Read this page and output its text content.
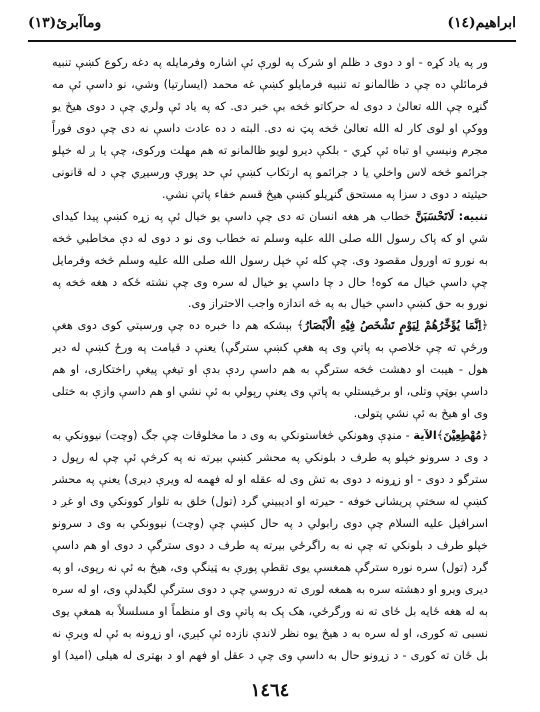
وماآبرئ(١٣)	ابراهيم(١٤)

ور په ياد کړه - او د دوی د ظلم او شرک په لورې ئې اشاره وفرمايله په دغه رکوع کښې تنبيه فرمائلې ده چې د ظالمانو ته تنبيه فرمايلو کښې غه محمد (ايسارتيا) وشي، نو داسې ئې مه گنړه چې الله تعالیٰ د دوی له حرکاتو څخه بې خبر دی. که په ياد ئې ولري چې د دوی هيڅ يو ووکې او لوی کار له الله تعالیٰ څخه پټ نه دی. البته د ده عادت داسې نه دی چې دوی فوراً مجرم ونيسي او تباه ئې کړي - بلکې دیرو لويو ظالمانو ته هم مهلت ورکوی، چې يا ږ له خپلو جرائمو څخه لاس واخلي يا د جرائمو په ارتکاب کښې ئې حد پورې ورسيږي چې د له قانونی حيثيته د دوی د سزا په مستحق گنړيلو کښې هيڅ قسم خفاء پاتې نشي.

تنبيه: لَاتَحْسَبَنَّ خطاب هر هغه انسان ته دی چې داسې يو خيال ئې په زړه کښې پيدا کيدای شي او که پاک رسول الله صلی الله عليه وسلم ته خطاب وی نو د دوی له دې مخاطبي څخه به نورو ته اورول مقصود وی. چې کله ئې خپل رسول الله صلی الله عليه وسلم څخه وفرمايل چې داسې خيال مه کوه! حال د چا داسې يو خيال له سره وی چې نشته ځکه د هغه څخه په نورو به حق کښې داسې خيال به په څه اندازه واجب الاحتراز وی.

﴿اِنَّمَا يُؤَخِّرُهُمْ لِيَوْمٍ تَشْخَصُ فِيْهِ الْاَبْصَارُ﴾ بېشکه هم دا خبره ده چې ورسيتي کوی دوی هغې ورځې ته چې خلاصې به پاتې وی په هغې کښې سترگې) يعنې د قيامت په ورځ کښې له دير هول - هيبت او دهشت څخه سترگې به هم داسې ردې بدې او تيغې پيغې راختکاری، او هم داسې بوټې وتلی، او برڅيستلي به پاتې وی يعنې رپولي به ئې نشي او هم داسې وازې به ختلی وی او هيڅ به ئې نشي پتولی.

﴿مُهْطِعِيْنَ﴾الآية - منډې وهونکي څغاستونکي به وی د ما مخلوقات چې جگ (وچت) نيوونکي به د وی د سرونو خپلو په طرف د بلونکي په محشر کښې بيرته نه په کرڅې ئې چې له رپول د سترگو د دوی - او زړونه د دوی به تش وی له عقله او له فهمه له ويرې ديری) يعنې په محشر کښې له سختې پريشانۍ خوفه - حيرته او اديبيني گرد (تول) خلق به تلوار کوونکي وی او غږ د اسرافيل عليه السلام چې دوی رابولي د په حال کښې چې (وچت) نيوونکي به وی د سرونو خپلو طرف د بلونکي ته چې نه به راگرځي بيرته په طرف د دوی سترگې د دوی او هم داسې گرد (تول) سره نوره سترگې همغسې يوی تقطې پورې به ټينگې وی، هيڅ به ئې نه رپوی، او په ديری ويرو او دهشته سره به همغه لوری ته دروسي چې د دوی سترگې لگيدلې وی، او له سره به له هغه ځایه بل ځای ته نه ورگرځي، هک پک به پاتې وی او منظماً او مسلسلاً به همغې يوی نسبی ته کوری، او له سره به د هيڅ يوه نظر لاندې نازده ئې کېږي، او زړونه به ئې له ويرې نه بل ځان ته کوری - د زړونو حال به داسې وی چې د عقل او فهم او د بهتری له هيلی (اميد) او

١٤٦٤
